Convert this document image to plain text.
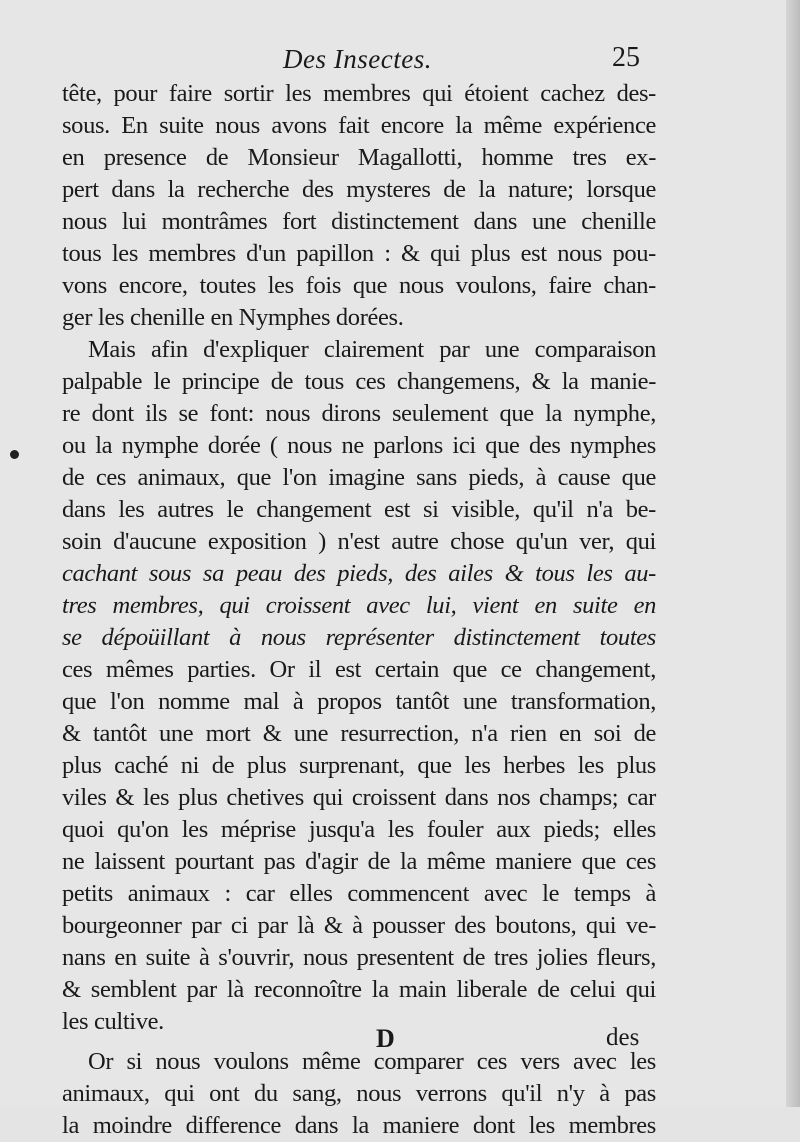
Des Insectes.	25
tête, pour faire sortir les membres qui étoient cachez des-
sous. En suite nous avons fait encore la même expérience
en presence de Monsieur Magallotti, homme tres ex-
pert dans la recherche des mysteres de la nature; lorsque
nous lui montrâmes fort distinctement dans une chenille
tous les membres d'un papillon : & qui plus est nous pou-
vons encore, toutes les fois que nous voulons, faire chan-
ger les chenille en Nymphes dorées.
Mais afin d'expliquer clairement par une comparaison
palpable le principe de tous ces changemens, & la manie-
re dont ils se font: nous dirons seulement que la nymphe,
ou la nymphe dorée ( nous ne parlons ici que des nymphes
de ces animaux, que l'on imagine sans pieds, à cause que
dans les autres le changement est si visible, qu'il n'a be-
soin d'aucune exposition ) n'est autre chose qu'un ver, qui
cachant sous sa peau des pieds, des ailes & tous les au-
tres membres, qui croissent avec lui, vient en suite en
se dépoüillant à nous représenter distinctement toutes
ces mêmes parties. Or il est certain que ce changement,
que l'on nomme mal à propos tantôt une transformation,
& tantôt une mort & une resurrection, n'a rien en soi de
plus caché ni de plus surprenant, que les herbes les plus
viles & les plus chetives qui croissent dans nos champs; car
quoi qu'on les méprise jusqu'a les fouler aux pieds; elles
ne laissent pourtant pas d'agir de la même maniere que ces
petits animaux : car elles commencent avec le temps à
bourgeonner par ci par là & à pousser des boutons, qui ve-
nans en suite à s'ouvrir, nous presentent de tres jolies fleurs,
& semblent par là reconnoître la main liberale de celui qui
les cultive.
Or si nous voulons même comparer ces vers avec les
animaux, qui ont du sang, nous verrons qu'il n'y à pas
la moindre difference dans la maniere dont les membres
D	des
